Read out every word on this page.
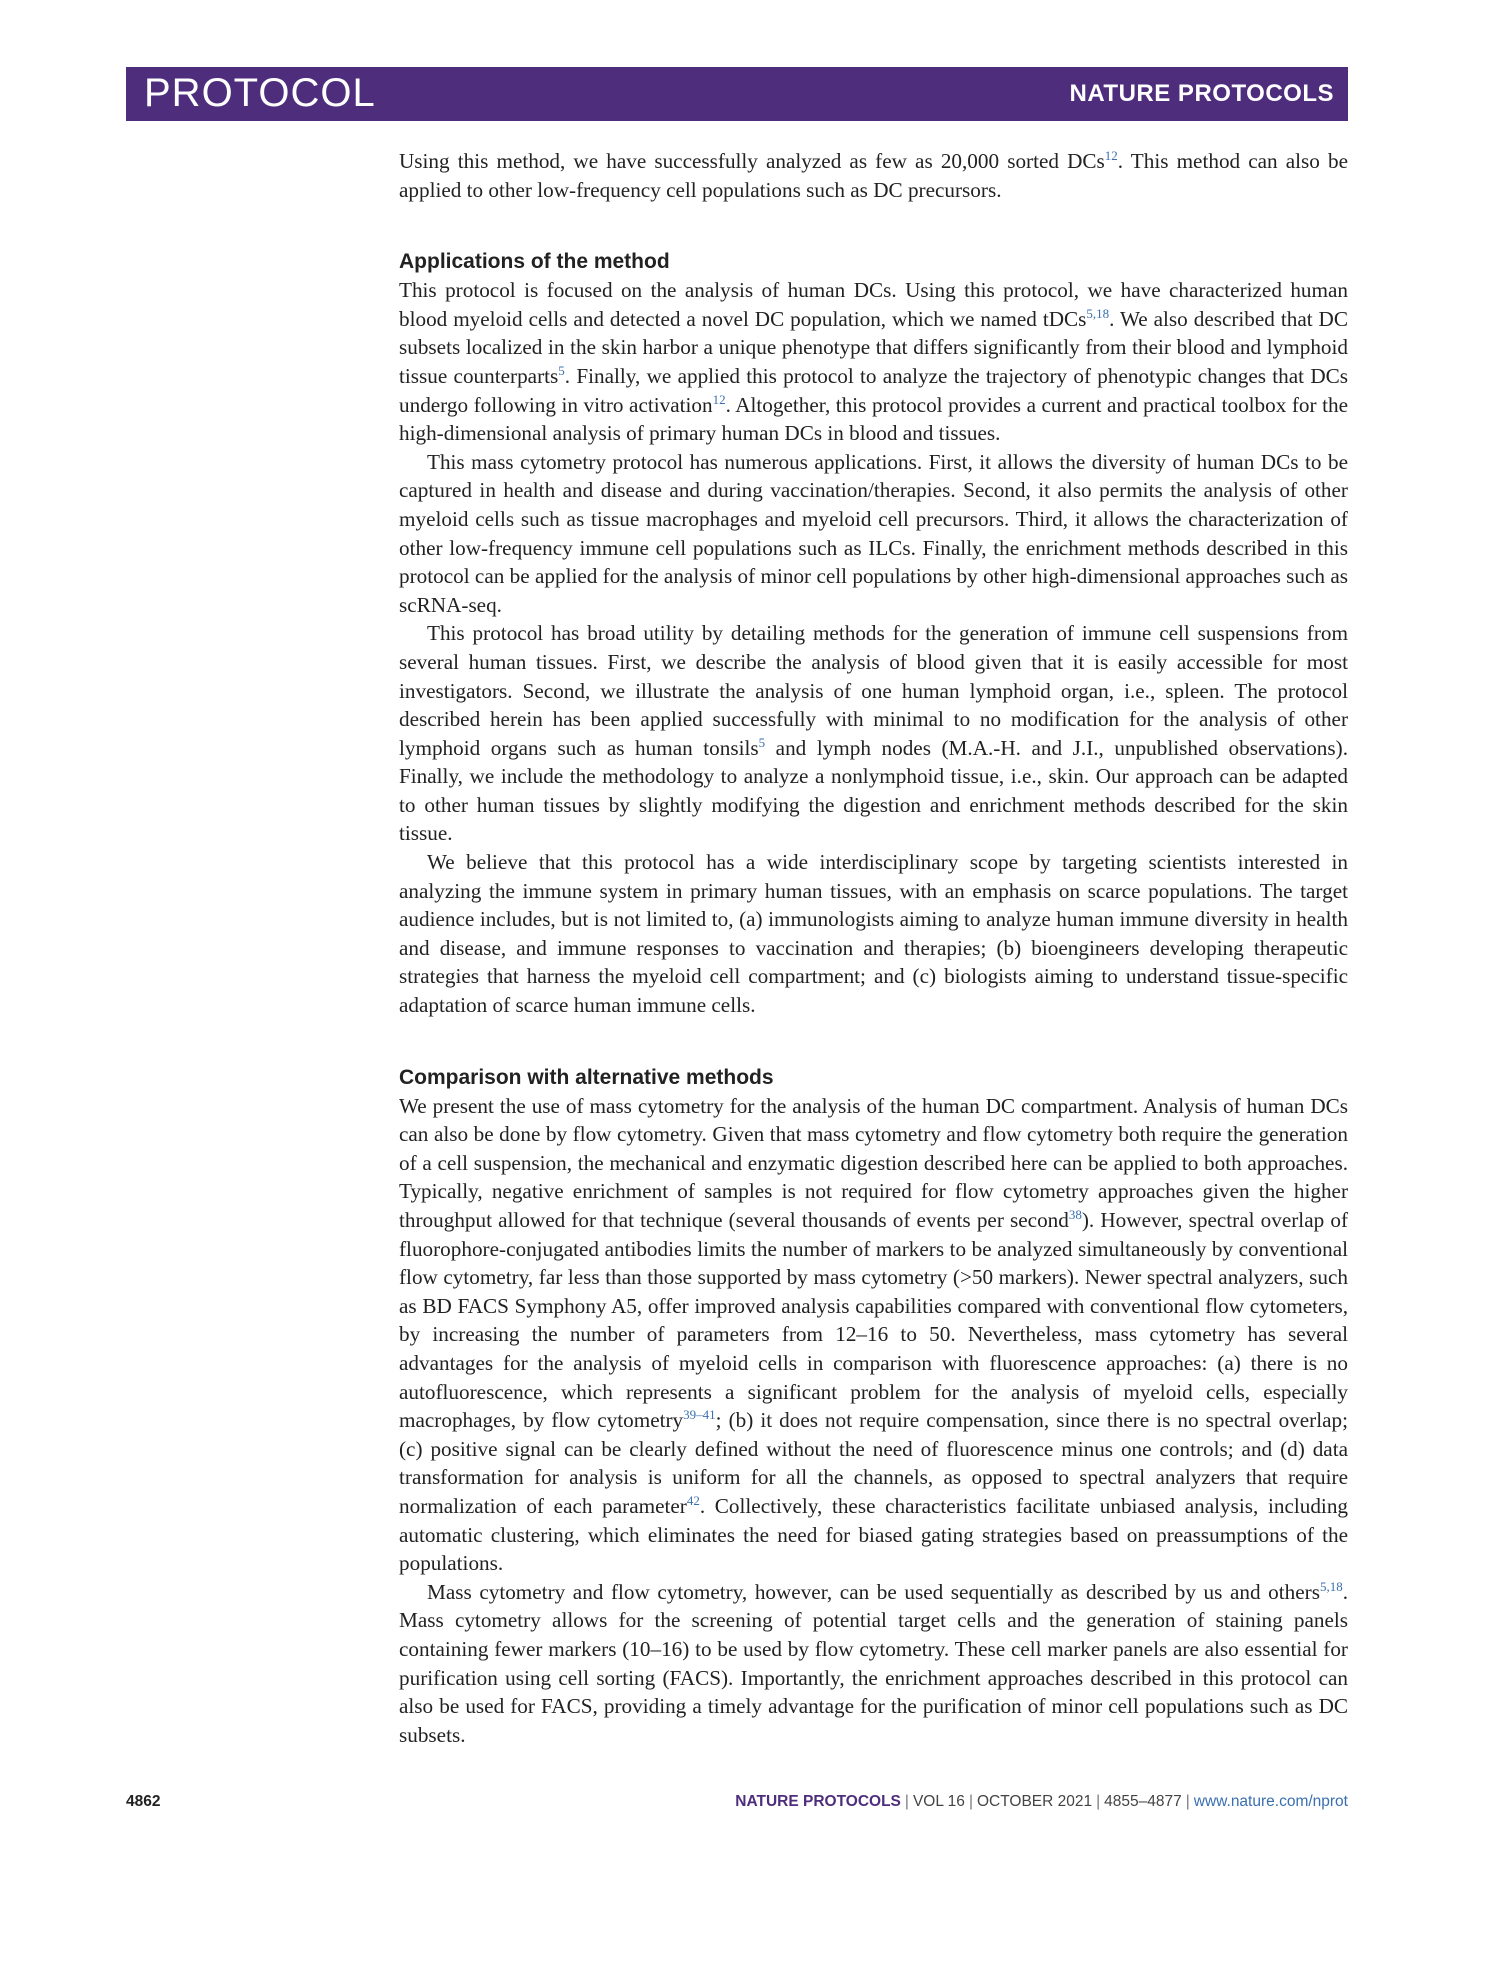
PROTOCOL	NATURE PROTOCOLS

Using this method, we have successfully analyzed as few as 20,000 sorted DCs$^{12}$. This method can also be applied to other low-frequency cell populations such as DC precursors.

Applications of the method

This protocol is focused on the analysis of human DCs. Using this protocol, we have characterized human blood myeloid cells and detected a novel DC population, which we named tDCs$^{5,18}$. We also described that DC subsets localized in the skin harbor a unique phenotype that differs significantly from their blood and lymphoid tissue counterparts$^5$. Finally, we applied this protocol to analyze the trajectory of phenotypic changes that DCs undergo following in vitro activation$^{12}$. Altogether, this protocol provides a current and practical toolbox for the high-dimensional analysis of primary human DCs in blood and tissues.

This mass cytometry protocol has numerous applications. First, it allows the diversity of human DCs to be captured in health and disease and during vaccination/therapies. Second, it also permits the analysis of other myeloid cells such as tissue macrophages and myeloid cell precursors. Third, it allows the characterization of other low-frequency immune cell populations such as ILCs. Finally, the enrichment methods described in this protocol can be applied for the analysis of minor cell populations by other high-dimensional approaches such as scRNA-seq.

This protocol has broad utility by detailing methods for the generation of immune cell suspensions from several human tissues. First, we describe the analysis of blood given that it is easily accessible for most investigators. Second, we illustrate the analysis of one human lymphoid organ, i.e., spleen. The protocol described herein has been applied successfully with minimal to no modification for the analysis of other lymphoid organs such as human tonsils$^5$ and lymph nodes (M.A.-H. and J.I., unpublished observations). Finally, we include the methodology to analyze a nonlymphoid tissue, i.e., skin. Our approach can be adapted to other human tissues by slightly modifying the digestion and enrichment methods described for the skin tissue.

We believe that this protocol has a wide interdisciplinary scope by targeting scientists interested in analyzing the immune system in primary human tissues, with an emphasis on scarce populations. The target audience includes, but is not limited to, (a) immunologists aiming to analyze human immune diversity in health and disease, and immune responses to vaccination and therapies; (b) bioengineers developing therapeutic strategies that harness the myeloid cell compartment; and (c) biologists aiming to understand tissue-specific adaptation of scarce human immune cells.

Comparison with alternative methods

We present the use of mass cytometry for the analysis of the human DC compartment. Analysis of human DCs can also be done by flow cytometry. Given that mass cytometry and flow cytometry both require the generation of a cell suspension, the mechanical and enzymatic digestion described here can be applied to both approaches. Typically, negative enrichment of samples is not required for flow cytometry approaches given the higher throughput allowed for that technique (several thousands of events per second$^{38}$). However, spectral overlap of fluorophore-conjugated antibodies limits the number of markers to be analyzed simultaneously by conventional flow cytometry, far less than those supported by mass cytometry (>50 markers). Newer spectral analyzers, such as BD FACS Symphony A5, offer improved analysis capabilities compared with conventional flow cytometers, by increasing the number of parameters from 12–16 to 50. Nevertheless, mass cytometry has several advantages for the analysis of myeloid cells in comparison with fluorescence approaches: (a) there is no autofluorescence, which represents a significant problem for the analysis of myeloid cells, especially macrophages, by flow cytometry$^{39-41}$; (b) it does not require compensation, since there is no spectral overlap; (c) positive signal can be clearly defined without the need of fluorescence minus one controls; and (d) data transformation for analysis is uniform for all the channels, as opposed to spectral analyzers that require normalization of each parameter$^{42}$. Collectively, these characteristics facilitate unbiased analysis, including automatic clustering, which eliminates the need for biased gating strategies based on preassumptions of the populations.

Mass cytometry and flow cytometry, however, can be used sequentially as described by us and others$^{5,18}$. Mass cytometry allows for the screening of potential target cells and the generation of staining panels containing fewer markers (10–16) to be used by flow cytometry. These cell marker panels are also essential for purification using cell sorting (FACS). Importantly, the enrichment approaches described in this protocol can also be used for FACS, providing a timely advantage for the purification of minor cell populations such as DC subsets.

4862	NATURE PROTOCOLS | VOL 16 | OCTOBER 2021 | 4855–4877 | www.nature.com/nprot
